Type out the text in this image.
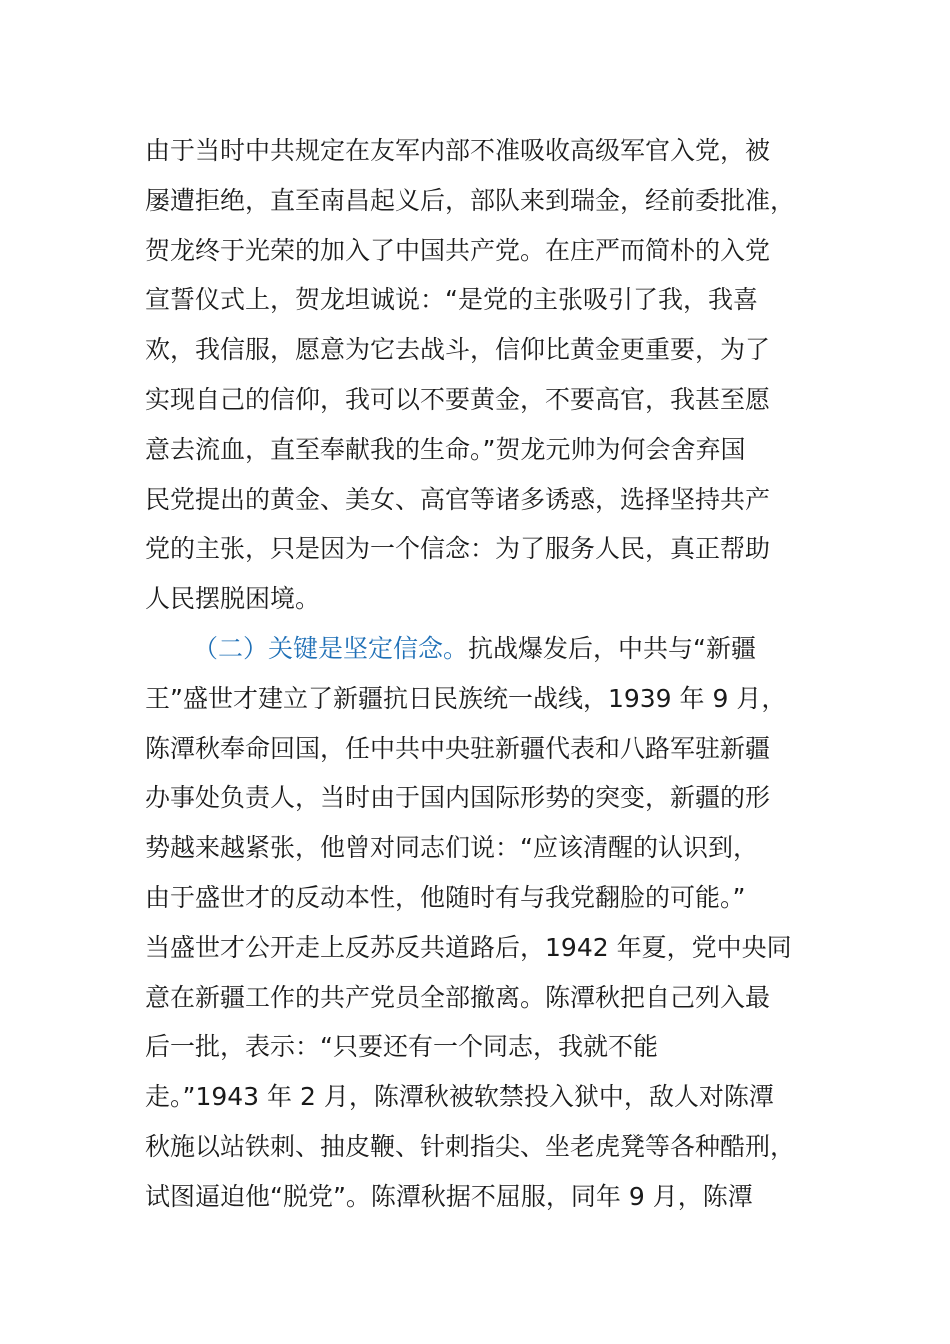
由于当时中共规定在友军内部不准吸收高级军官入党，被
屡遭拒绝，直至南昌起义后，部队来到瑞金，经前委批准，
贺龙终于光荣的加入了中国共产党。在庄严而简朴的入党
宣誓仪式上，贺龙坦诚说：“是党的主张吸引了我，我喜
欢，我信服，愿意为它去战斗，信仰比黄金更重要，为了
实现自己的信仰，我可以不要黄金，不要高官，我甚至愿
意去流血，直至奉献我的生命。”贺龙元帅为何会舍弃国
民党提出的黄金、美女、高官等诸多诱惑，选择坚持共产
党的主张，只是因为一个信念：为了服务人民，真正帮助
人民摆脱困境。
（二）关键是坚定信念。抗战爆发后，中共与“新疆
王”盛世才建立了新疆抗日民族统一战线，1939 年 9 月，
陈潭秋奉命回国，任中共中央驻新疆代表和八路军驻新疆
办事处负责人，当时由于国内国际形势的突变，新疆的形
势越来越紧张，他曾对同志们说：“应该清醒的认识到，
由于盛世才的反动本性，他随时有与我党翻脸的可能。”
当盛世才公开走上反苏反共道路后，1942 年夏，党中央同
意在新疆工作的共产党员全部撤离。陈潭秋把自己列入最
后一批，表示：“只要还有一个同志，我就不能
走。”1943 年 2 月，陈潭秋被软禁投入狱中，敌人对陈潭
秋施以站铁刺、抽皮鞭、针刺指尖、坐老虎凳等各种酷刑，
试图逼迫他“脱党”。陈潭秋据不屈服，同年 9 月，陈潭
